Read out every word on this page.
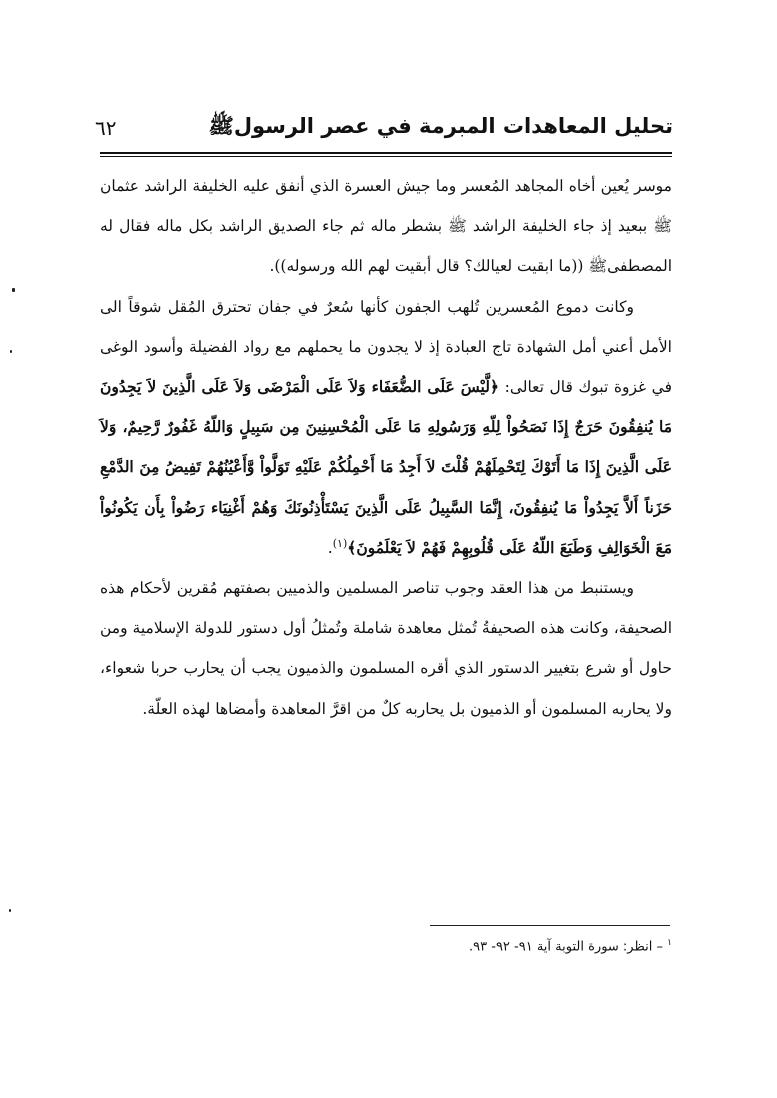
تحليل المعاهدات المبرمة في عصر الرسولﷺ
٦٢

موسر يُعين أخاه المجاهد المُعسر وما جيش العسرة الذي أنفق عليه الخليفة الراشد عثمان ﷺ ببعيد إذ جاء الخليفة الراشد ﷺ بشطر ماله ثم جاء الصديق الراشد بكل ماله فقال له المصطفىﷺ ((ما ابقيت لعيالك؟ قال أبقيت لهم الله ورسوله)).

وكانت دموع المُعسرين تُلهب الجفون كأنها سُعرٌ في جفان تحترق المُقل شوقاً الى الأمل أعني أمل الشهادة تاج العبادة إذ لا يجدون ما يحملهم مع رواد الفضيلة وأسود الوغى في غزوة تبوك قال تعالى: ﴿لَّيْسَ عَلَى الضُّعَفَاء وَلاَ عَلَى الْمَرْضَى وَلاَ عَلَى الَّذِينَ لاَ يَجِدُونَ مَا يُنفِقُونَ حَرَجٌ إِذَا نَصَحُواْ لِلّهِ وَرَسُولِهِ مَا عَلَى الْمُحْسِنِينَ مِن سَبِيلٍ وَاللّهُ غَفُورٌ رَّحِيمٌ، وَلاَ عَلَى الَّذِينَ إِذَا مَا أَتَوْكَ لِتَحْمِلَهُمْ قُلْتَ لاَ أَجِدُ مَا أَحْمِلُكُمْ عَلَيْهِ تَوَلَّواْ وَّأَعْيُنُهُمْ تَفِيضُ مِنَ الدَّمْعِ حَزَناً أَلاَّ يَجِدُواْ مَا يُنفِقُونَ، إِنَّمَا السَّبِيلُ عَلَى الَّذِينَ يَسْتَأْذِنُونَكَ وَهُمْ أَغْنِيَاء رَضُواْ بِأَن يَكُونُواْ مَعَ الْخَوَالِفِ وَطَبَعَ اللّهُ عَلَى قُلُوبِهِمْ فَهُمْ لاَ يَعْلَمُونَ﴾$^{(١)}$.

ويستنبط من هذا العقد وجوب تناصر المسلمين والذميين بصفتهم مُقرين لأحكام هذه الصحيفة، وكانت هذه الصحيفةُ تُمثل معاهدة شاملة وتُمثلُ أول دستور للدولة الإسلامية ومن حاول أو شرع بتغيير الدستور الذي أقره المسلمون والذميون يجب أن يحارب حربا شعواء، ولا يحاربه المسلمون أو الذميون بل يحاربه كلٌ من اقرَّ المعاهدة وأمضاها لهذه العلّة.

$^١$ – انظر: سورة التوبة آية ٩١- ٩٢- ٩٣.
